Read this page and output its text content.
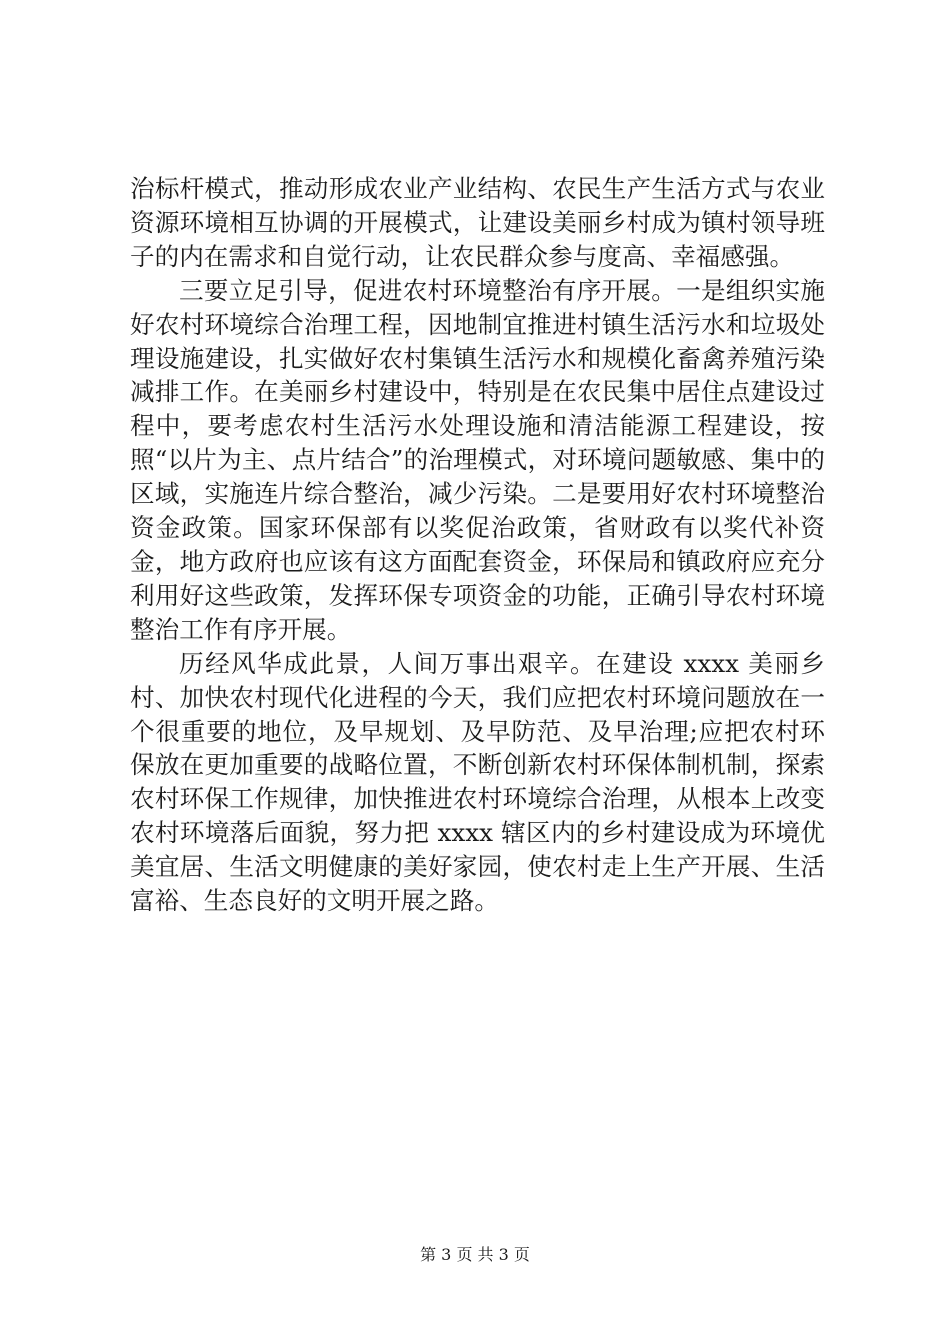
治标杆模式，推动形成农业产业结构、农民生产生活方式与农业资源环境相互协调的开展模式，让建设美丽乡村成为镇村领导班子的内在需求和自觉行动，让农民群众参与度高、幸福感强。

三要立足引导，促进农村环境整治有序开展。一是组织实施好农村环境综合治理工程，因地制宜推进村镇生活污水和垃圾处理设施建设，扎实做好农村集镇生活污水和规模化畜禽养殖污染减排工作。在美丽乡村建设中，特别是在农民集中居住点建设过程中，要考虑农村生活污水处理设施和清洁能源工程建设，按照“以片为主、点片结合”的治理模式，对环境问题敏感、集中的区域，实施连片综合整治，减少污染。二是要用好农村环境整治资金政策。国家环保部有以奖促治政策，省财政有以奖代补资金，地方政府也应该有这方面配套资金，环保局和镇政府应充分利用好这些政策，发挥环保专项资金的功能，正确引导农村环境整治工作有序开展。

历经风华成此景，人间万事出艰辛。在建设 xxxx 美丽乡村、加快农村现代化进程的今天，我们应把农村环境问题放在一个很重要的地位，及早规划、及早防范、及早治理;应把农村环保放在更加重要的战略位置，不断创新农村环保体制机制，探索农村环保工作规律，加快推进农村环境综合治理，从根本上改变农村环境落后面貌，努力把 xxxx 辖区内的乡村建设成为环境优美宜居、生活文明健康的美好家园，使农村走上生产开展、生活富裕、生态良好的文明开展之路。

第 3 页 共 3 页
